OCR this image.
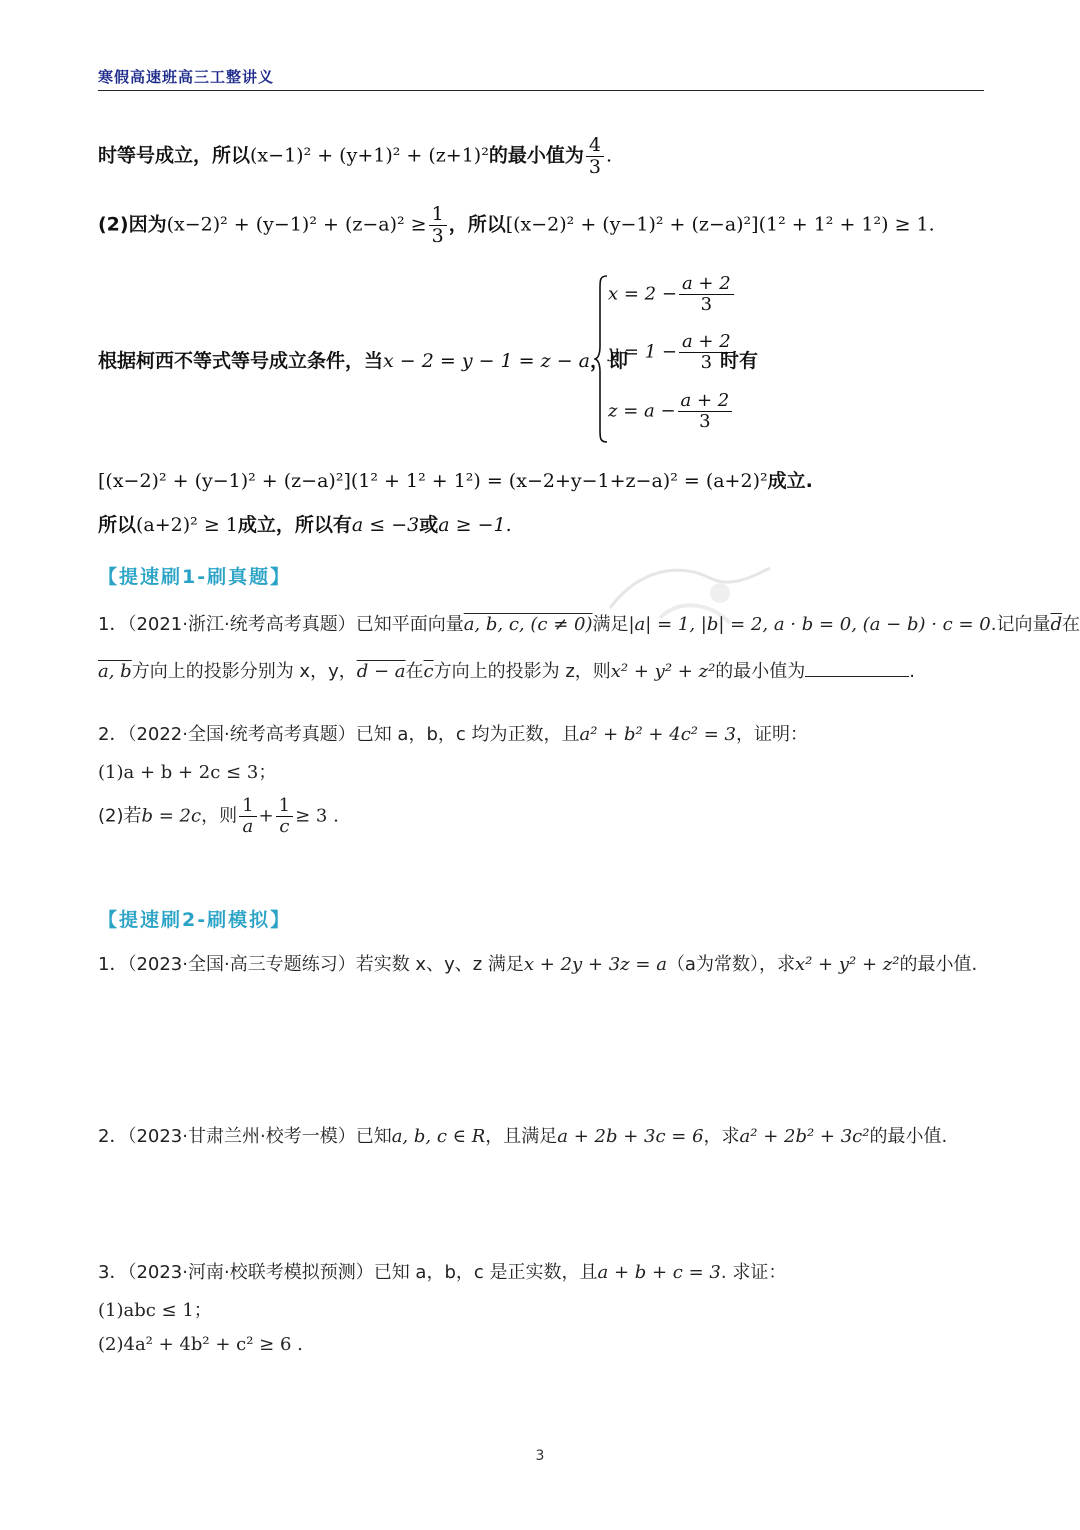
寒假高速班高三工整讲义
时等号成立，所以(x−1)² + (y+1)² + (z+1)²的最小值为 $\frac{4}{3}$ .
(2)因为$(x-2)^2 + (y-1)^2 + (z-a)^2 \ge \frac{1}{3}$ ，所以[(x−2)² + (y−1)² + (z−a)²](1² + 1² + 1²) ≥ 1.
根据柯西不等式等号成立条件，当x − 2 = y − 1 = z − a，即
$x = 2 - \frac{a + 2}{3}$
$y = 1 - \frac{a + 2}{3}$
$z = a - \frac{a + 2}{3}$
时有
[(x−2)² + (y−1)² + (z−a)²](1² + 1² + 1²) = (x−2+y−1+z−a)² = (a+2)²成立.
所以(a+2)² ≥ 1成立，所以有a ≤ −3或a ≥ −1.
【提速刷1-刷真题】
1．（2021·浙江·统考高考真题）已知平面向量a, b, c, (c ≠ 0)满足|a| = 1, |b| = 2, a · b = 0, (a − b) · c = 0.记向量$\overline{d}$在
a, b方向上的投影分别为 x，y，d − a在$\overline{c}$方向上的投影为 z，则x² + y² + z²的最小值为	.
2．（2022·全国·统考高考真题）已知 a，b，c 均为正数，且a² + b² + 4c² = 3，证明：
(1)a + b + 2c ≤ 3；
(2)若b = 2c，则 $\frac{1}{a} + \frac{1}{c} \ge 3$ .
【提速刷2-刷模拟】
1．（2023·全国·高三专题练习）若实数 x、y、z 满足x + 2y + 3z = a（a为常数），求x² + y² + z²的最小值.
2．（2023·甘肃兰州·校考一模）已知a, b, c ∈ R，且满足a + 2b + 3c = 6，求a² + 2b² + 3c²的最小值.
3．（2023·河南·校联考模拟预测）已知 a，b，c 是正实数，且a + b + c = 3. 求证：
(1)abc ≤ 1；
(2)4a² + 4b² + c² ≥ 6 .
3
